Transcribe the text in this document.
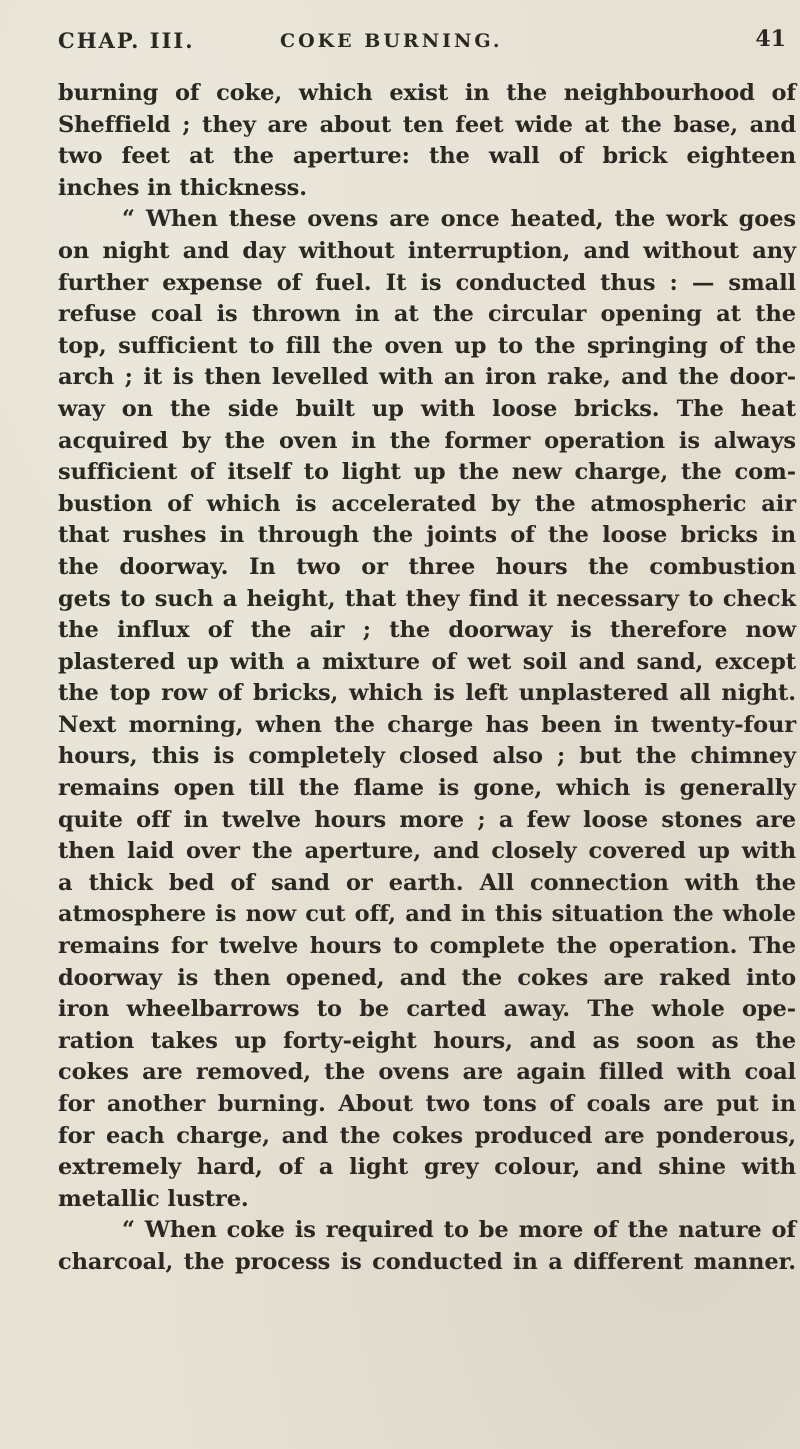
CHAP. III.	COKE BURNING.	41
burning of coke, which exist in the neighbourhood of
Sheffield ; they are about ten feet wide at the base, and
two feet at the aperture: the wall of brick eighteen
inches in thickness.
“ When these ovens are once heated, the work goes
on night and day without interruption, and without any
further expense of fuel. It is conducted thus : — small
refuse coal is thrown in at the circular opening at the
top, sufficient to fill the oven up to the springing of the
arch ; it is then levelled with an iron rake, and the door-
way on the side built up with loose bricks. The heat
acquired by the oven in the former operation is always
sufficient of itself to light up the new charge, the com-
bustion of which is accelerated by the atmospheric air
that rushes in through the joints of the loose bricks in
the doorway. In two or three hours the combustion
gets to such a height, that they find it necessary to check
the influx of the air ; the doorway is therefore now
plastered up with a mixture of wet soil and sand, except
the top row of bricks, which is left unplastered all night.
Next morning, when the charge has been in twenty-four
hours, this is completely closed also ; but the chimney
remains open till the flame is gone, which is generally
quite off in twelve hours more ; a few loose stones are
then laid over the aperture, and closely covered up with
a thick bed of sand or earth. All connection with the
atmosphere is now cut off, and in this situation the whole
remains for twelve hours to complete the operation. The
doorway is then opened, and the cokes are raked into
iron wheelbarrows to be carted away. The whole ope-
ration takes up forty-eight hours, and as soon as the
cokes are removed, the ovens are again filled with coal
for another burning. About two tons of coals are put in
for each charge, and the cokes produced are ponderous,
extremely hard, of a light grey colour, and shine with
metallic lustre.
“ When coke is required to be more of the nature of
charcoal, the process is conducted in a different manner.
